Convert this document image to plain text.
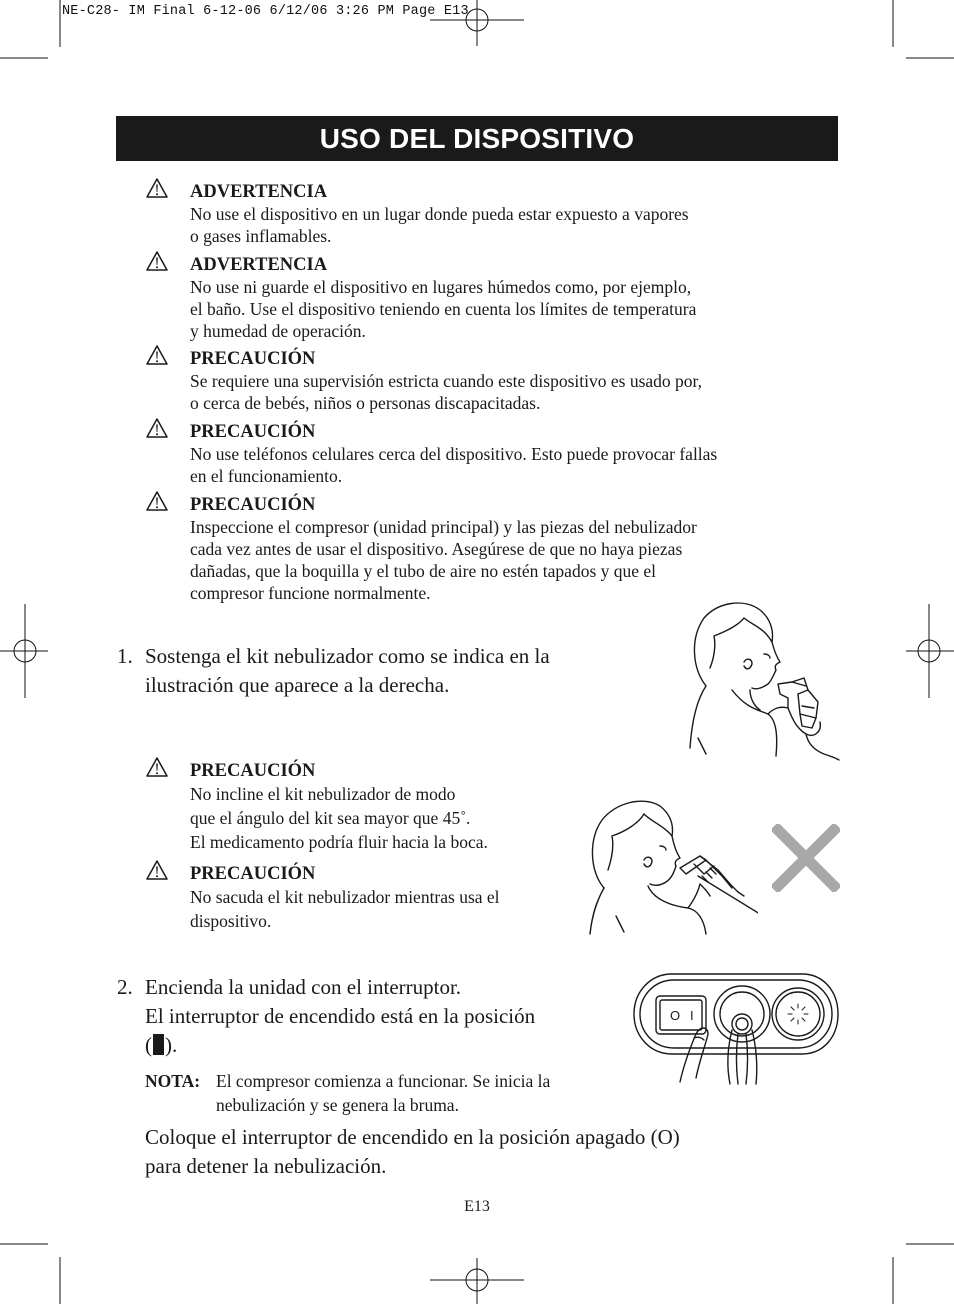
NE-C28- IM Final 6-12-06 6/12/06 3:26 PM Page E13
USO DEL DISPOSITIVO
ADVERTENCIA
No use el dispositivo en un lugar donde pueda estar expuesto a vapores
o gases inflamables.
ADVERTENCIA
No use ni guarde el dispositivo en lugares húmedos como, por ejemplo,
el baño. Use el dispositivo teniendo en cuenta los límites de temperatura
y humedad de operación.
PRECAUCIÓN
Se requiere una supervisión estricta cuando este dispositivo es usado por,
o cerca de bebés, niños o personas discapacitadas.
PRECAUCIÓN
No use teléfonos celulares cerca del dispositivo. Esto puede provocar fallas
en el funcionamiento.
PRECAUCIÓN
Inspeccione el compresor (unidad principal) y las piezas del nebulizador
cada vez antes de usar el dispositivo. Asegúrese de que no haya piezas
dañadas, que la boquilla y el tubo de aire no estén tapados y que el
compresor funcione normalmente.
1. Sostenga el kit nebulizador como se indica en la
ilustración que aparece a la derecha.
PRECAUCIÓN
No incline el kit nebulizador de modo
que el ángulo del kit sea mayor que 45˚.
El medicamento podría fluir hacia la boca.
PRECAUCIÓN
No sacuda el kit nebulizador mientras usa el
dispositivo.
2. Encienda la unidad con el interruptor.
El interruptor de encendido está en la posición
( ).
NOTA: El compresor comienza a funcionar. Se inicia la
nebulización y se genera la bruma.
O I
Coloque el interruptor de encendido en la posición apagado (O)
para detener la nebulización.
E13
